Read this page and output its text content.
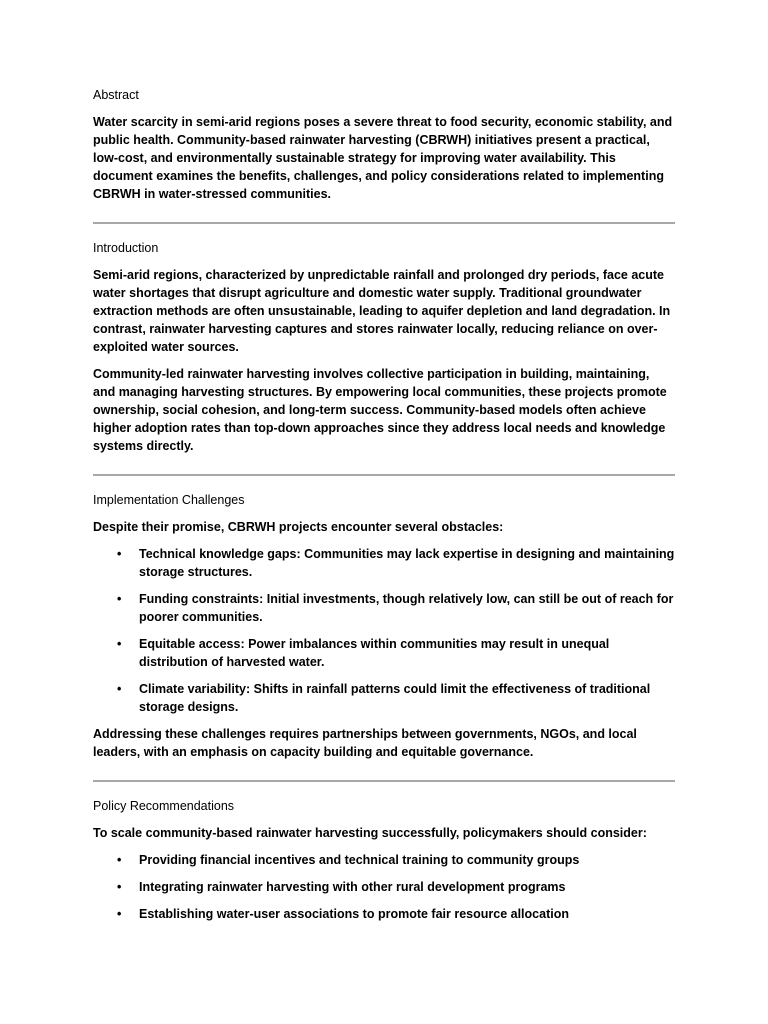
Abstract
Water scarcity in semi-arid regions poses a severe threat to food security, economic stability, and public health. Community-based rainwater harvesting (CBRWH) initiatives present a practical, low-cost, and environmentally sustainable strategy for improving water availability. This document examines the benefits, challenges, and policy considerations related to implementing CBRWH in water-stressed communities.
Introduction
Semi-arid regions, characterized by unpredictable rainfall and prolonged dry periods, face acute water shortages that disrupt agriculture and domestic water supply. Traditional groundwater extraction methods are often unsustainable, leading to aquifer depletion and land degradation. In contrast, rainwater harvesting captures and stores rainwater locally, reducing reliance on over-exploited water sources.
Community-led rainwater harvesting involves collective participation in building, maintaining, and managing harvesting structures. By empowering local communities, these projects promote ownership, social cohesion, and long-term success. Community-based models often achieve higher adoption rates than top-down approaches since they address local needs and knowledge systems directly.
Implementation Challenges
Despite their promise, CBRWH projects encounter several obstacles:
• Technical knowledge gaps: Communities may lack expertise in designing and maintaining storage structures.
• Funding constraints: Initial investments, though relatively low, can still be out of reach for poorer communities.
• Equitable access: Power imbalances within communities may result in unequal distribution of harvested water.
• Climate variability: Shifts in rainfall patterns could limit the effectiveness of traditional storage designs.
Addressing these challenges requires partnerships between governments, NGOs, and local leaders, with an emphasis on capacity building and equitable governance.
Policy Recommendations
To scale community-based rainwater harvesting successfully, policymakers should consider:
• Providing financial incentives and technical training to community groups
• Integrating rainwater harvesting with other rural development programs
• Establishing water-user associations to promote fair resource allocation
